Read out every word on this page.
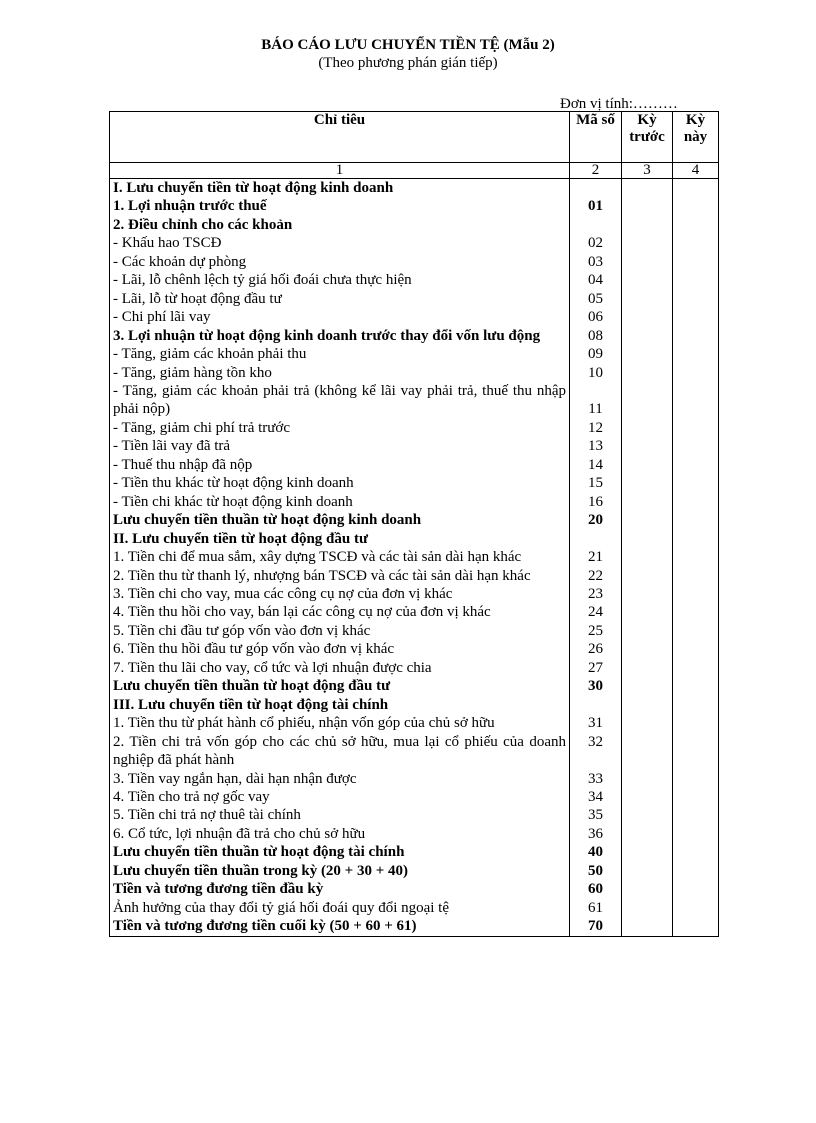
BÁO CÁO LƯU CHUYỂN TIỀN TỆ (Mẫu 2)
(Theo phương phán gián tiếp)
Đơn vị tính:………
Chỉ tiêu	Mã số	Kỳ trước	Kỳ này
1	2	3	4
I. Lưu chuyển tiền từ hoạt động kinh doanh			
1. Lợi nhuận trước thuế	01		
2. Điều chỉnh cho các khoản			
- Khấu hao TSCĐ	02		
- Các khoản dự phòng	03		
- Lãi, lỗ chênh lệch tỷ giá hối đoái chưa thực hiện	04		
- Lãi, lỗ từ hoạt động đầu tư	05		
- Chi phí lãi vay	06		
3. Lợi nhuận từ hoạt động kinh doanh trước thay đổi vốn lưu động	08		
- Tăng, giảm các khoản phải thu	09		
- Tăng, giảm hàng tồn kho	10		
- Tăng, giảm các khoản phải trả (không kể lãi vay phải trả, thuế thu nhập phải nộp)	11		
- Tăng, giảm chi phí trả trước	12		
- Tiền lãi vay đã trả	13		
- Thuế thu nhập đã nộp	14		
- Tiền thu khác từ hoạt động kinh doanh	15		
- Tiền chi khác từ hoạt động kinh doanh	16		
Lưu chuyển tiền thuần từ hoạt động kinh doanh	20		
II. Lưu chuyển tiền từ hoạt động đầu tư			
1. Tiền chi để mua sắm, xây dựng TSCĐ và các tài sản dài hạn khác	21		
2. Tiền thu từ thanh lý, nhượng bán TSCĐ và các tài sản dài hạn khác	22		
3. Tiền chi cho vay, mua các công cụ nợ của đơn vị khác	23		
4. Tiền thu hồi cho vay, bán lại các công cụ nợ của đơn vị khác	24		
5. Tiền chi đầu tư góp vốn vào đơn vị khác	25		
6. Tiền thu hồi đầu tư góp vốn vào đơn vị khác	26		
7. Tiền thu lãi cho vay, cổ tức và lợi nhuận được chia	27		
Lưu chuyển tiền thuần từ hoạt động đầu tư	30		
III. Lưu chuyển tiền từ hoạt động tài chính			
1. Tiền thu từ phát hành cổ phiếu, nhận vốn góp của chủ sở hữu	31		
2. Tiền chi trả vốn góp cho các chủ sở hữu, mua lại cổ phiếu của doanh nghiệp đã phát hành	32		
3. Tiền vay ngắn hạn, dài hạn nhận được	33		
4. Tiền cho trả nợ gốc vay	34		
5. Tiền chi trả nợ thuê tài chính	35		
6. Cổ tức, lợi nhuận đã trả cho chủ sở hữu	36		
Lưu chuyển tiền thuần từ hoạt động tài chính	40		
Lưu chuyển tiền thuần trong kỳ (20 + 30 + 40)	50		
Tiền và tương đương tiền đầu kỳ	60		
Ảnh hưởng của thay đổi tỷ giá hối đoái quy đổi ngoại tệ	61		
Tiền và tương đương tiền cuối kỳ (50 + 60 + 61)	70		
